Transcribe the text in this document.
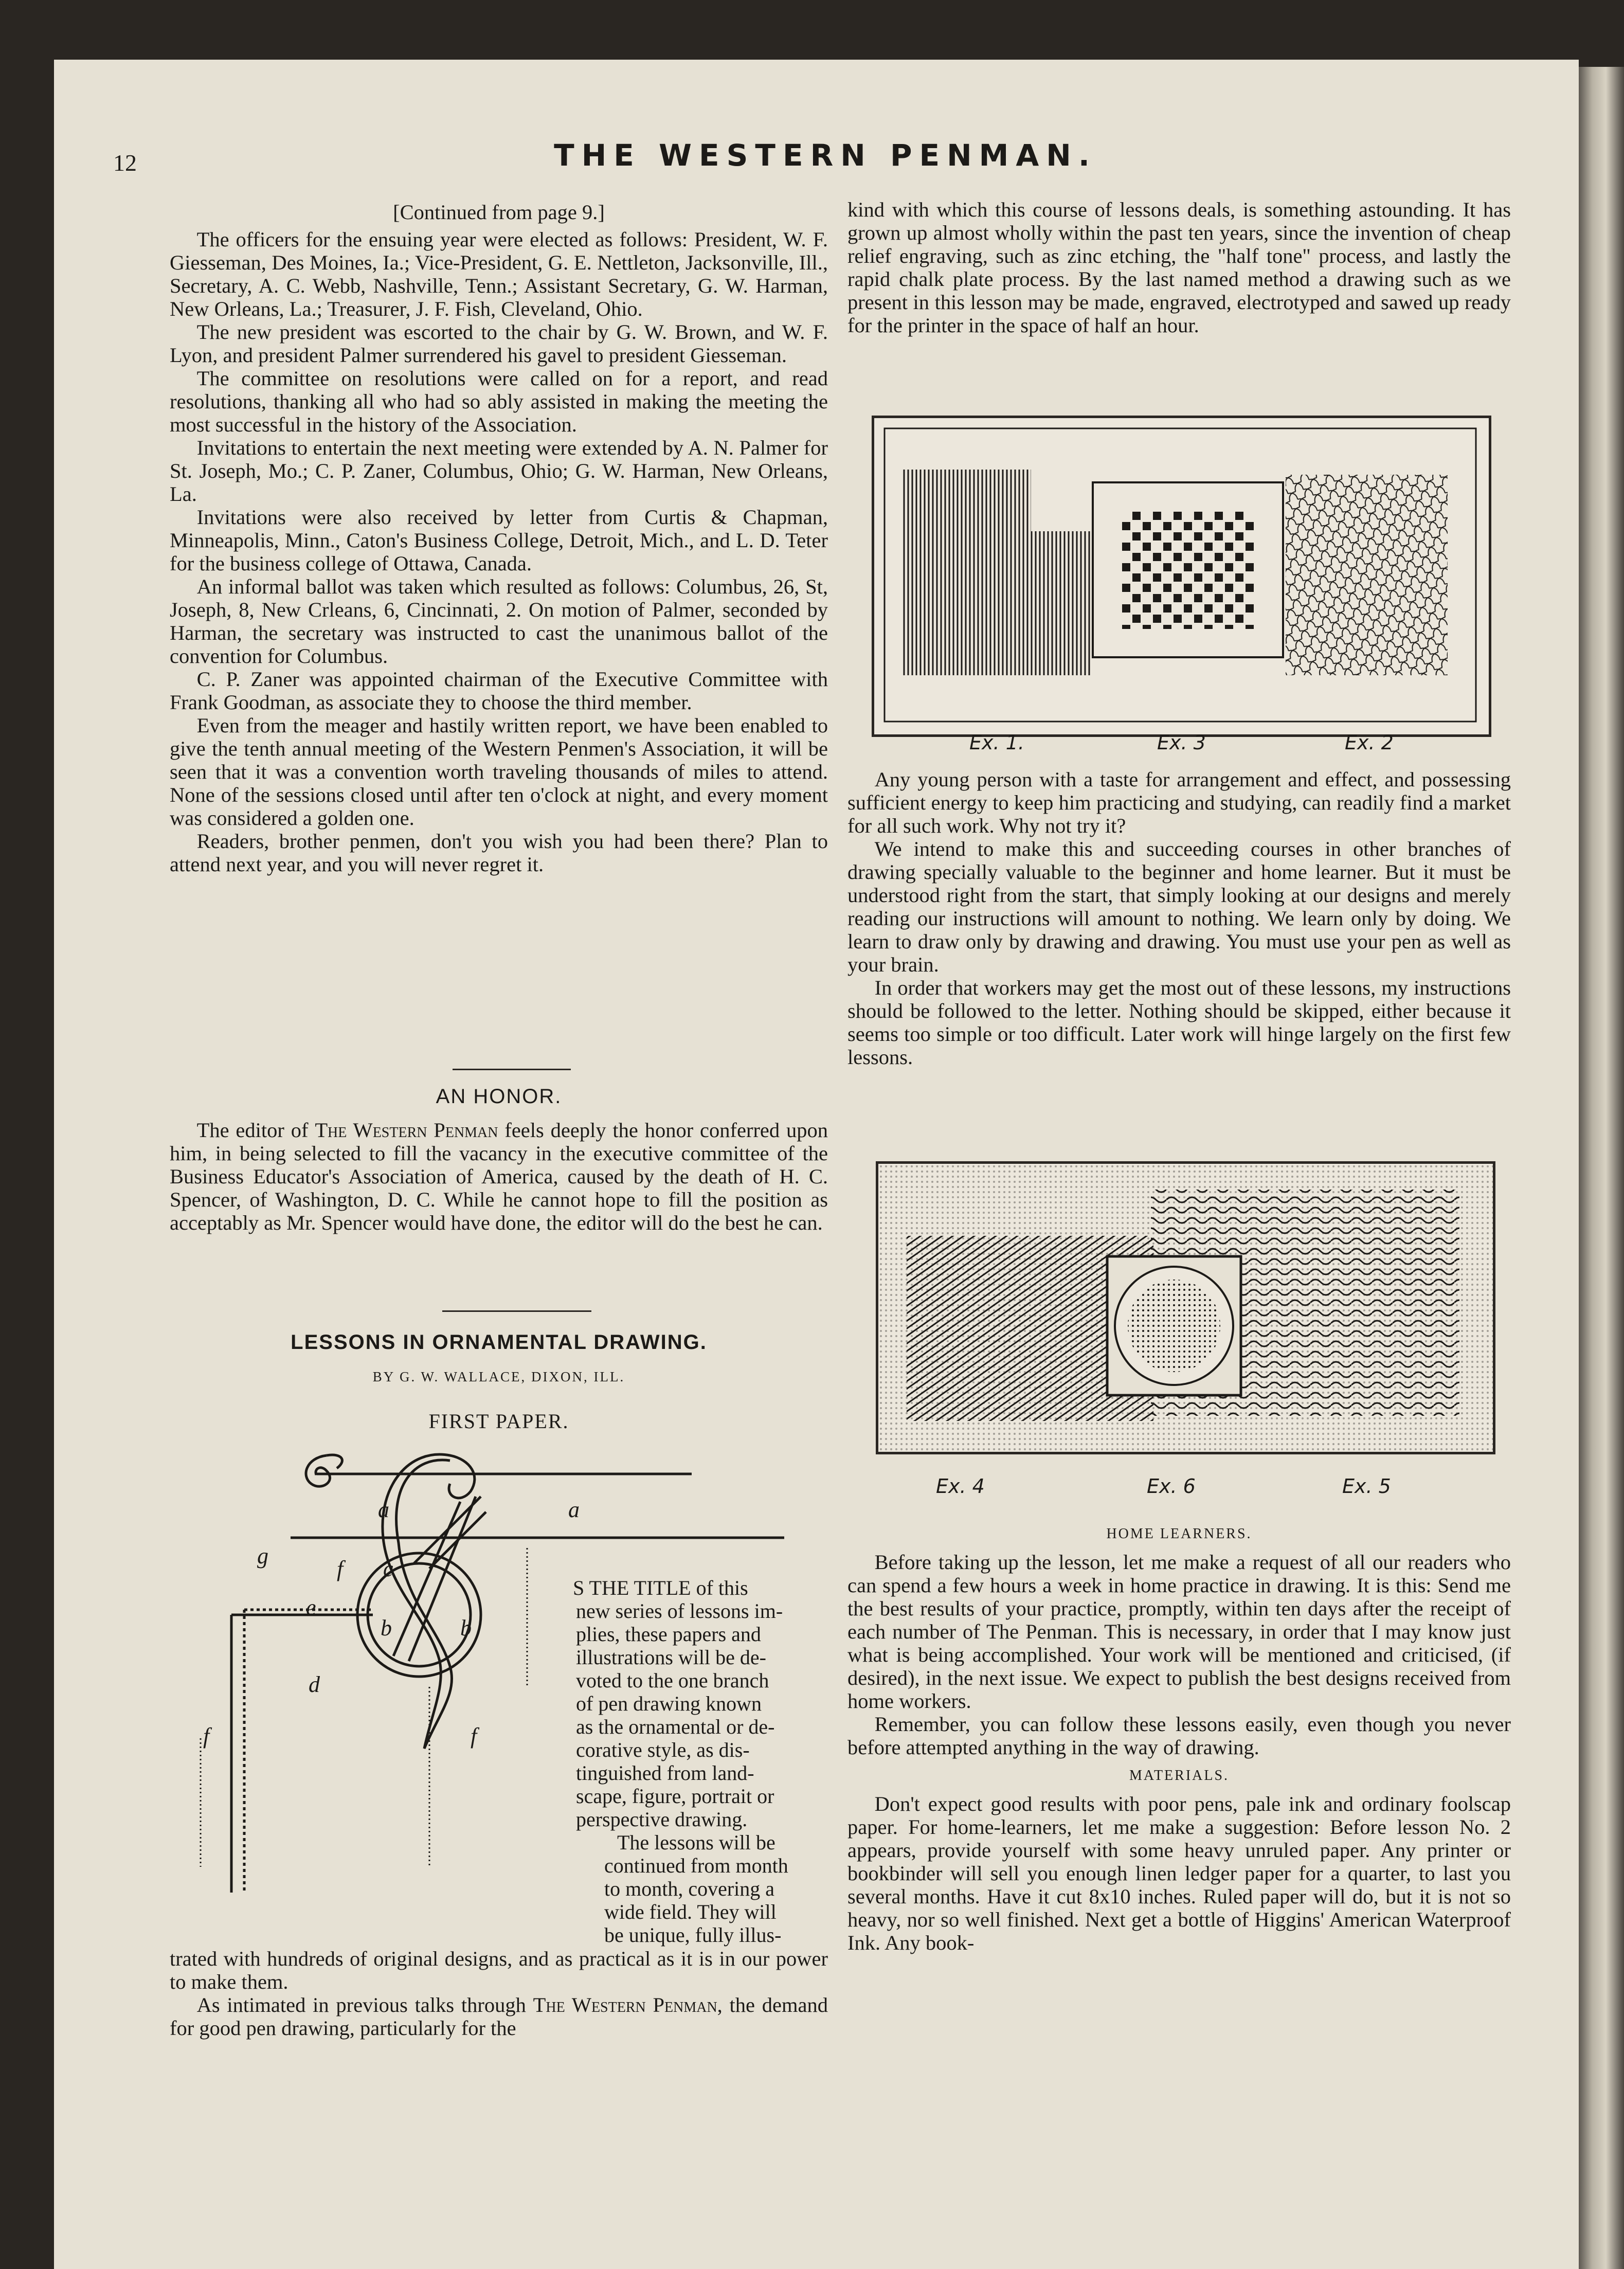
12	THE WESTERN PENMAN.

[Continued from page 9.]

The officers for the ensuing year were elected as follows: President, W. F. Giesseman, Des Moines, Ia.; Vice-President, G. E. Nettleton, Jacksonville, Ill., Secretary, A. C. Webb, Nashville, Tenn.; Assistant Secretary, G. W. Harman, New Orleans, La.; Treasurer, J. F. Fish, Cleveland, Ohio.

The new president was escorted to the chair by G. W. Brown, and W. F. Lyon, and president Palmer surrendered his gavel to president Giesseman.

The committee on resolutions were called on for a report, and read resolutions, thanking all who had so ably assisted in making the meeting the most successful in the history of the Association.

Invitations to entertain the next meeting were extended by A. N. Palmer for St. Joseph, Mo.; C. P. Zaner, Columbus, Ohio; G. W. Harman, New Orleans, La.

Invitations were also received by letter from Curtis & Chapman, Minneapolis, Minn., Caton's Business College, Detroit, Mich., and L. D. Teter for the business college of Ottawa, Canada.

An informal ballot was taken which resulted as follows: Columbus, 26, St, Joseph, 8, New Crleans, 6, Cincinnati, 2. On motion of Palmer, seconded by Harman, the secretary was instructed to cast the unanimous ballot of the convention for Columbus.

C. P. Zaner was appointed chairman of the Executive Committee with Frank Goodman, as associate they to choose the third member.

Even from the meager and hastily written report, we have been enabled to give the tenth annual meeting of the Western Penmen's Association, it will be seen that it was a convention worth traveling thousands of miles to attend. None of the sessions closed until after ten o'clock at night, and every moment was considered a golden one.

Readers, brother penmen, don't you wish you had been there? Plan to attend next year, and you will never regret it.

AN HONOR.

The editor of The Western Penman feels deeply the honor conferred upon him, in being selected to fill the vacancy in the executive committee of the Business Educator's Association of America, caused by the death of H. C. Spencer, of Washington, D. C. While he cannot hope to fill the position as acceptably as Mr. Spencer would have done, the editor will do the best he can.

LESSONS IN ORNAMENTAL DRAWING.
BY G. W. WALLACE, DIXON, ILL.
FIRST PAPER.
a	a
g
f c
e
b	b
d
f
f
S THE TITLE of this
new series of lessons im-
plies, these papers and
illustrations will be de-
voted to the one branch
of pen drawing known
as the ornamental or de-
corative style, as dis-
tinguished from land-
scape, figure, portrait or
perspective drawing.
The lessons will be
continued from month
to month, covering a
wide field. They will
be unique, fully illus-

trated with hundreds of original designs, and as practical as it is in our power to make them.

As intimated in previous talks through The Western Penman, the demand for good pen drawing, particularly for the

kind with which this course of lessons deals, is something astounding. It has grown up almost wholly within the past ten years, since the invention of cheap relief engraving, such as zinc etching, the "half tone" process, and lastly the rapid chalk plate process. By the last named method a drawing such as we present in this lesson may be made, engraved, electrotyped and sawed up ready for the printer in the space of half an hour.

Ex. 1.	Ex. 3	Ex. 2

Any young person with a taste for arrangement and effect, and possessing sufficient energy to keep him practicing and studying, can readily find a market for all such work. Why not try it?

We intend to make this and succeeding courses in other branches of drawing specially valuable to the beginner and home learner. But it must be understood right from the start, that simply looking at our designs and merely reading our instructions will amount to nothing. We learn only by doing. We learn to draw only by drawing and drawing. You must use your pen as well as your brain.

In order that workers may get the most out of these lessons, my instructions should be followed to the letter. Nothing should be skipped, either because it seems too simple or too difficult. Later work will hinge largely on the first few lessons.

Ex. 4	Ex. 6	Ex. 5

HOME LEARNERS.

Before taking up the lesson, let me make a request of all our readers who can spend a few hours a week in home practice in drawing. It is this: Send me the best results of your practice, promptly, within ten days after the receipt of each number of The Penman. This is necessary, in order that I may know just what is being accomplished. Your work will be mentioned and criticised, (if desired), in the next issue. We expect to publish the best designs received from home workers.

Remember, you can follow these lessons easily, even though you never before attempted anything in the way of drawing.

MATERIALS.

Don't expect good results with poor pens, pale ink and ordinary foolscap paper. For home-learners, let me make a suggestion: Before lesson No. 2 appears, provide yourself with some heavy unruled paper. Any printer or bookbinder will sell you enough linen ledger paper for a quarter, to last you several months. Have it cut 8x10 inches. Ruled paper will do, but it is not so heavy, nor so well finished. Next get a bottle of Higgins' American Waterproof Ink. Any book-
